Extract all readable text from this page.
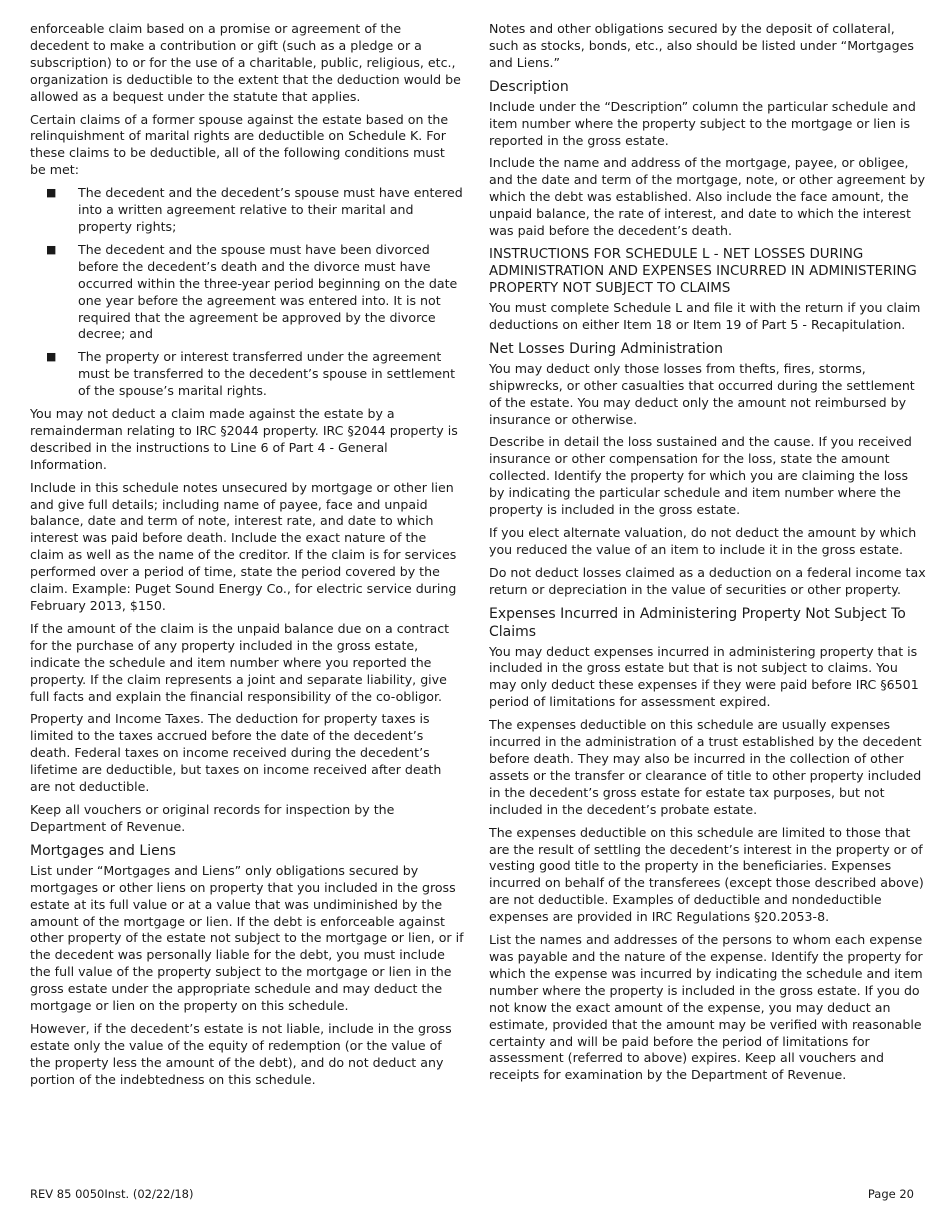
enforceable claim based on a promise or agreement of the decedent to make a contribution or gift (such as a pledge or a subscription) to or for the use of a charitable, public, religious, etc., organization is deductible to the extent that the deduction would be allowed as a bequest under the statute that applies.

Certain claims of a former spouse against the estate based on the relinquishment of marital rights are deductible on Schedule K. For these claims to be deductible, all of the following conditions must be met:

■ The decedent and the decedent’s spouse must have entered into a written agreement relative to their marital and property rights;
■ The decedent and the spouse must have been divorced before the decedent’s death and the divorce must have occurred within the three-year period beginning on the date one year before the agreement was entered into. It is not required that the agreement be approved by the divorce decree; and
■ The property or interest transferred under the agreement must be transferred to the decedent’s spouse in settlement of the spouse’s marital rights.

You may not deduct a claim made against the estate by a remainderman relating to IRC §2044 property. IRC §2044 property is described in the instructions to Line 6 of Part 4 - General Information.

Include in this schedule notes unsecured by mortgage or other lien and give full details; including name of payee, face and unpaid balance, date and term of note, interest rate, and date to which interest was paid before death. Include the exact nature of the claim as well as the name of the creditor. If the claim is for services performed over a period of time, state the period covered by the claim. Example: Puget Sound Energy Co., for electric service during February 2013, $150.

If the amount of the claim is the unpaid balance due on a contract for the purchase of any property included in the gross estate, indicate the schedule and item number where you reported the property. If the claim represents a joint and separate liability, give full facts and explain the financial responsibility of the co-obligor.

Property and Income Taxes. The deduction for property taxes is limited to the taxes accrued before the date of the decedent’s death. Federal taxes on income received during the decedent’s lifetime are deductible, but taxes on income received after death are not deductible.

Keep all vouchers or original records for inspection by the Department of Revenue.

Mortgages and Liens

List under “Mortgages and Liens” only obligations secured by mortgages or other liens on property that you included in the gross estate at its full value or at a value that was undiminished by the amount of the mortgage or lien. If the debt is enforceable against other property of the estate not subject to the mortgage or lien, or if the decedent was personally liable for the debt, you must include the full value of the property subject to the mortgage or lien in the gross estate under the appropriate schedule and may deduct the mortgage or lien on the property on this schedule.

However, if the decedent’s estate is not liable, include in the gross estate only the value of the equity of redemption (or the value of the property less the amount of the debt), and do not deduct any portion of the indebtedness on this schedule.

Notes and other obligations secured by the deposit of collateral, such as stocks, bonds, etc., also should be listed under “Mortgages and Liens.”

Description

Include under the “Description” column the particular schedule and item number where the property subject to the mortgage or lien is reported in the gross estate.

Include the name and address of the mortgage, payee, or obligee, and the date and term of the mortgage, note, or other agreement by which the debt was established. Also include the face amount, the unpaid balance, the rate of interest, and date to which the interest was paid before the decedent’s death.

INSTRUCTIONS FOR SCHEDULE L - NET LOSSES DURING ADMINISTRATION AND EXPENSES INCURRED IN ADMINISTERING PROPERTY NOT SUBJECT TO CLAIMS

You must complete Schedule L and file it with the return if you claim deductions on either Item 18 or Item 19 of Part 5 - Recapitulation.

Net Losses During Administration

You may deduct only those losses from thefts, fires, storms, shipwrecks, or other casualties that occurred during the settlement of the estate. You may deduct only the amount not reimbursed by insurance or otherwise.

Describe in detail the loss sustained and the cause. If you received insurance or other compensation for the loss, state the amount collected. Identify the property for which you are claiming the loss by indicating the particular schedule and item number where the property is included in the gross estate.

If you elect alternate valuation, do not deduct the amount by which you reduced the value of an item to include it in the gross estate.

Do not deduct losses claimed as a deduction on a federal income tax return or depreciation in the value of securities or other property.

Expenses Incurred in Administering Property Not Subject To Claims

You may deduct expenses incurred in administering property that is included in the gross estate but that is not subject to claims. You may only deduct these expenses if they were paid before IRC §6501 period of limitations for assessment expired.

The expenses deductible on this schedule are usually expenses incurred in the administration of a trust established by the decedent before death. They may also be incurred in the collection of other assets or the transfer or clearance of title to other property included in the decedent’s gross estate for estate tax purposes, but not included in the decedent’s probate estate.

The expenses deductible on this schedule are limited to those that are the result of settling the decedent’s interest in the property or of vesting good title to the property in the beneficiaries. Expenses incurred on behalf of the transferees (except those described above) are not deductible. Examples of deductible and nondeductible expenses are provided in IRC Regulations §20.2053-8.

List the names and addresses of the persons to whom each expense was payable and the nature of the expense. Identify the property for which the expense was incurred by indicating the schedule and item number where the property is included in the gross estate. If you do not know the exact amount of the expense, you may deduct an estimate, provided that the amount may be verified with reasonable certainty and will be paid before the period of limitations for assessment (referred to above) expires. Keep all vouchers and receipts for examination by the Department of Revenue.

REV 85 0050Inst. (02/22/18)	Page 20
